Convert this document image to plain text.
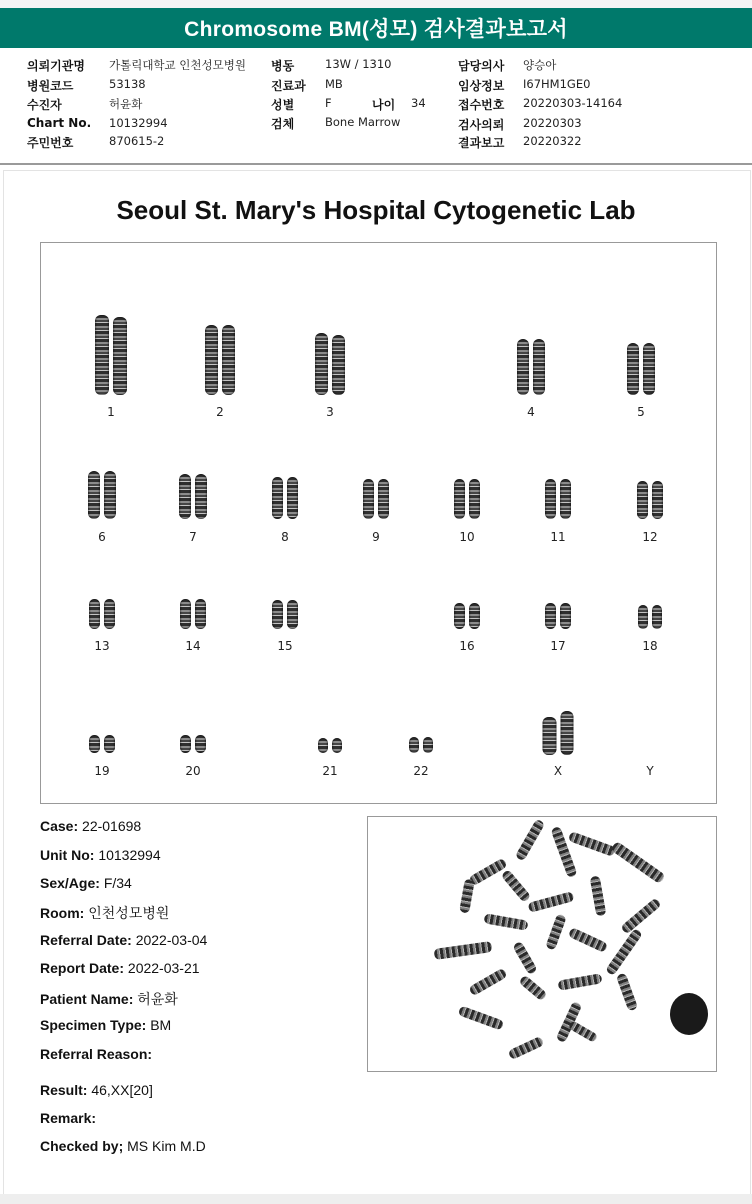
Chromosome BM(성모) 검사결과보고서
의뢰기관명 가톨릭대학교 인천성모병원
병원코드	53138
수진자	허윤화
Chart No. 10132994
주민번호	870615-2
병동	13W / 1310
진료과 MB
성별	F	나이 34
검체	Bone Marrow
담당의사 양승아
임상정보 I67HM1GE0
접수번호 20220303-14164
검사의뢰 20220303
결과보고 20220322
Seoul St. Mary's Hospital Cytogenetic Lab
1	2	3	4	5
6	7	8	9	10	11	12
13	14	15	16	17	18
19	20	21	22	X	Y
Case: 22-01698
Unit No: 10132994
Sex/Age: F/34
Room: 인천성모병원
Referral Date: 2022-03-04
Report Date: 2022-03-21
Patient Name: 허윤화
Specimen Type: BM
Referral Reason:
Result: 46,XX[20]
Remark:
Checked by; MS Kim M.D
